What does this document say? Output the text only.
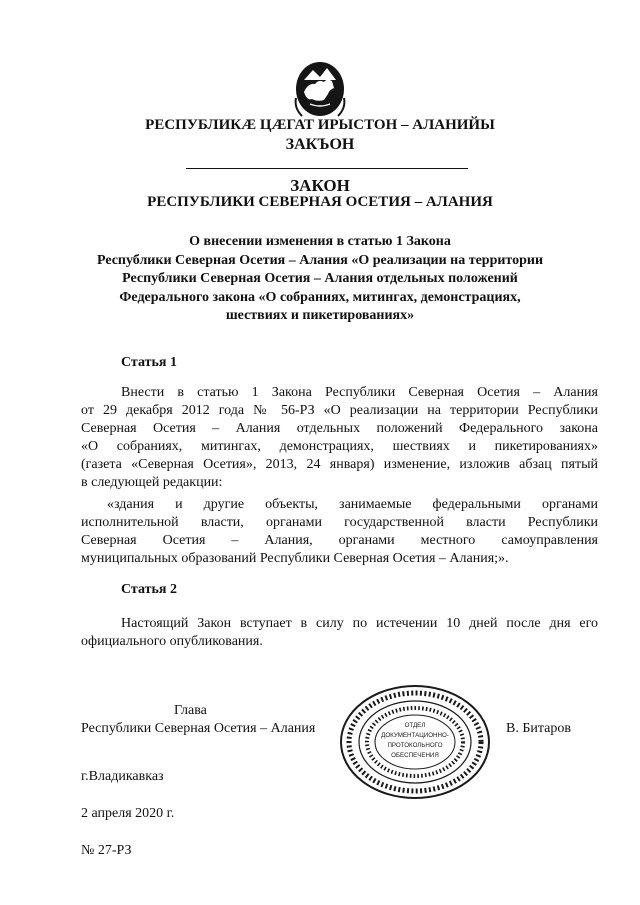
РЕСПУБЛИКÆ ЦÆГАТ ИРЫСТОН – АЛАНИЙЫ
ЗАКЪОН
ЗАКОН
РЕСПУБЛИКИ СЕВЕРНАЯ ОСЕТИЯ – АЛАНИЯ
О внесении изменения в статью 1 Закона
Республики Северная Осетия – Алания «О реализации на территории
Республики Северная Осетия – Алания отдельных положений
Федерального закона «О собраниях, митингах, демонстрациях,
шествиях и пикетированиях»
Статья 1
Внести в статью 1 Закона Республики Северная Осетия – Алания
от 29 декабря 2012 года № 56-РЗ «О реализации на территории Республики
Северная Осетия – Алания отдельных положений Федерального закона
«О собраниях, митингах, демонстрациях, шествиях и пикетированиях»
(газета «Северная Осетия», 2013, 24 января) изменение, изложив абзац пятый
в следующей редакции:
«здания и другие объекты, занимаемые федеральными органами
исполнительной власти, органами государственной власти Республики
Северная Осетия – Алания, органами местного самоуправления
муниципальных образований Республики Северная Осетия – Алания;».
Статья 2
Настоящий Закон вступает в силу по истечении 10 дней после дня его
официального опубликования.
Глава
Республики Северная Осетия – Алания	В. Битаров
ОТДЕЛ
ДОКУМЕНТАЦИОННО-
ПРОТОКОЛЬНОГО
ОБЕСПЕЧЕНИЯ
г.Владикавказ
2 апреля 2020 г.
№ 27-РЗ
